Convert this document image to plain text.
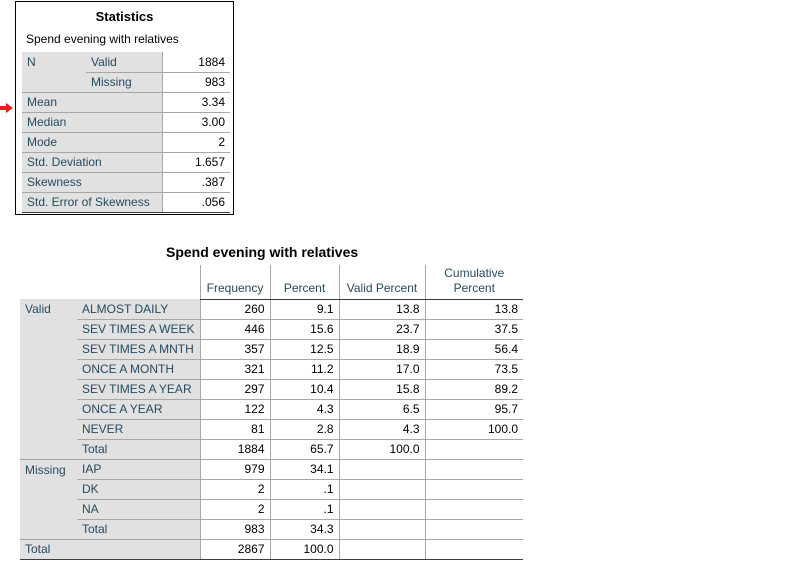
Statistics
Spend evening with relatives
N	Valid	1884
	Missing	983
Mean		3.34
Median		3.00
Mode		2
Std. Deviation		1.657
Skewness		.387
Std. Error of Skewness		.056
Spend evening with relatives
		Frequency	Percent	Valid Percent	Cumulative Percent
Valid	ALMOST DAILY	260	9.1	13.8	13.8
	SEV TIMES A WEEK	446	15.6	23.7	37.5
	SEV TIMES A MNTH	357	12.5	18.9	56.4
	ONCE A MONTH	321	11.2	17.0	73.5
	SEV TIMES A YEAR	297	10.4	15.8	89.2
	ONCE A YEAR	122	4.3	6.5	95.7
	NEVER	81	2.8	4.3	100.0
	Total	1884	65.7	100.0	
Missing	IAP	979	34.1		
	DK	2	.1		
	NA	2	.1		
	Total	983	34.3		
Total		2867	100.0		
